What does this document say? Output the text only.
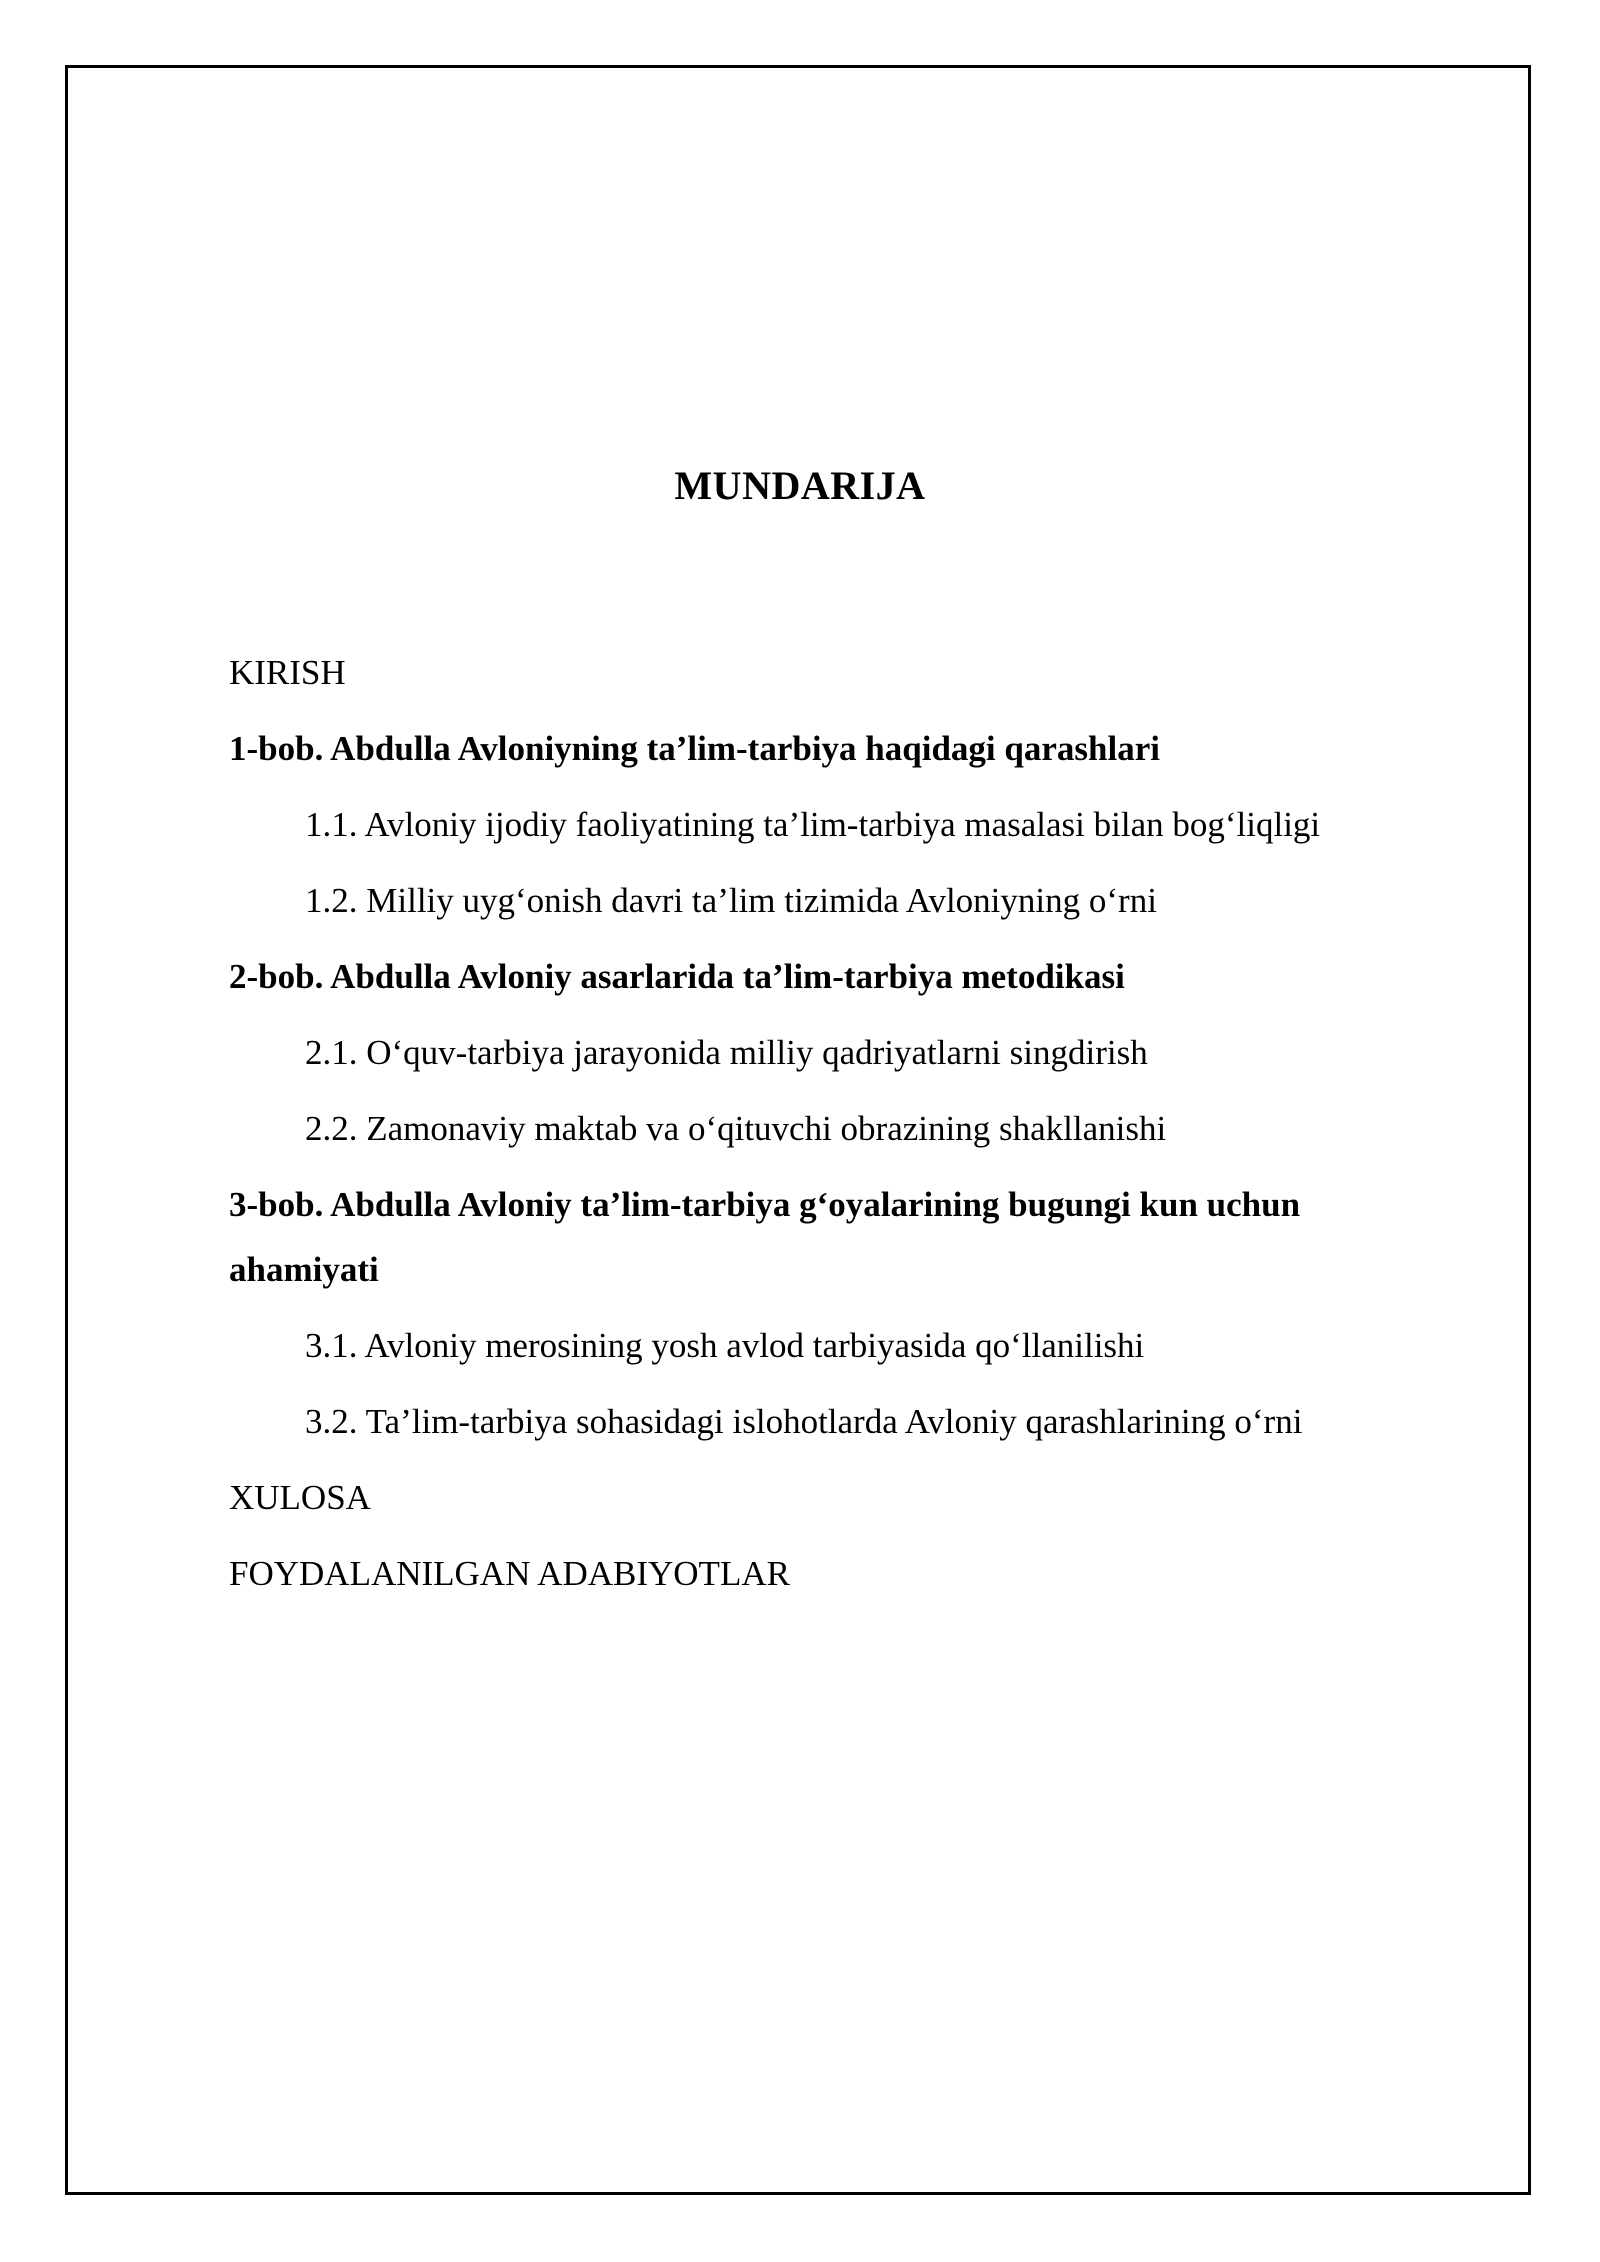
MUNDARIJA
KIRISH
1-bob. Abdulla Avloniyning ta’lim-tarbiya haqidagi qarashlari
1.1. Avloniy ijodiy faoliyatining ta’lim-tarbiya masalasi bilan bog‘liqligi
1.2. Milliy uyg‘onish davri ta’lim tizimida Avloniyning o‘rni
2-bob. Abdulla Avloniy asarlarida ta’lim-tarbiya metodikasi
2.1. O‘quv-tarbiya jarayonida milliy qadriyatlarni singdirish
2.2. Zamonaviy maktab va o‘qituvchi obrazining shakllanishi
3-bob. Abdulla Avloniy ta’lim-tarbiya g‘oyalarining bugungi kun uchun ahamiyati
3.1. Avloniy merosining yosh avlod tarbiyasida qo‘llanilishi
3.2. Ta’lim-tarbiya sohasidagi islohotlarda Avloniy qarashlarining o‘rni
XULOSA
FOYDALANILGAN ADABIYOTLAR
